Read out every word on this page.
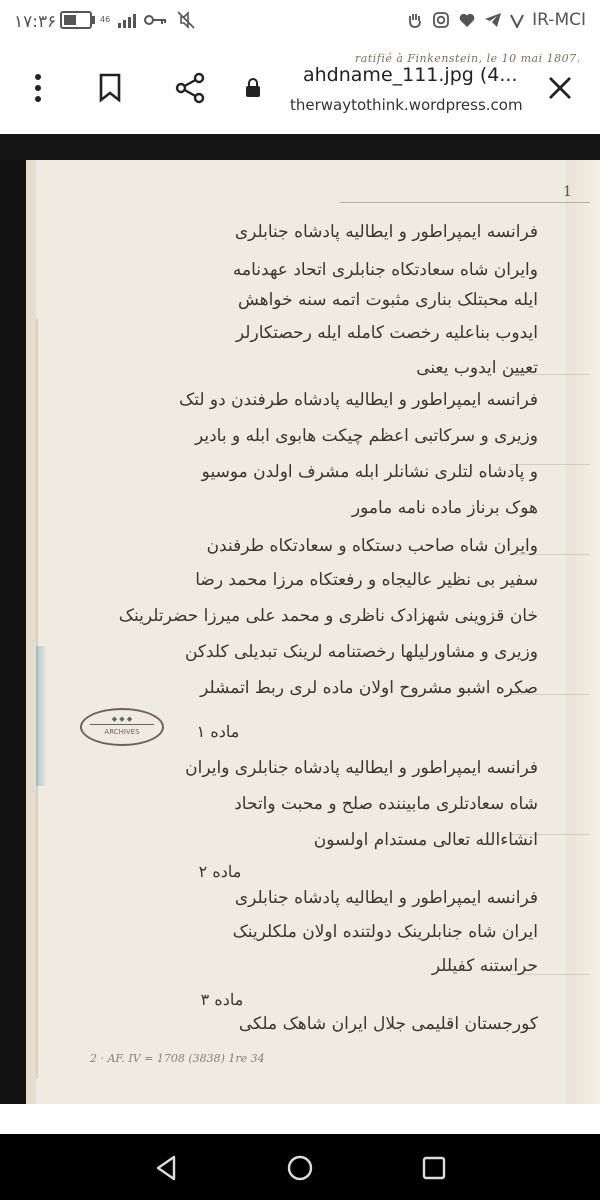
۱۷:۳۶	46	IR-MCI
ahdname_111.jpg (4...
therwaytothink.wordpress.com
ratifié à Finkenstein, le 10 mai 1807.
1
فرانسه ایمپراطور و ایطالیه پادشاه جنابلری
وایران شاه سعادتکاه جنابلری اتحاد عهدنامه
ایله محبتلک بناری مثبوت اتمه سنه خواهش
ایدوب بناعلیه رخصت کامله ایله رحصتکارلر
تعیین ایدوب یعنی
فرانسه ایمپراطور و ایطالیه پادشاه طرفندن دو لتک
وزیری و سرکاتبی اعظم چیکت هابوی ابله و بادیر
و پادشاه لتلری نشانلر ابله مشرف اولدن موسیو
هوک برناز ماده نامه مامور
وایران شاه صاحب دستکاه و سعادتکاه طرفندن
سفیر بی نظیر عالیجاه و رفعتکاه مرزا محمد رضا
خان قزوینی شهزادک ناظری و محمد علی میرزا حضرتلرینک
وزیری و مشاورلیلها رخصتنامه لرینک تبدیلی کلدکن
صکره اشبو مشروح اولان ماده لری ربط اتمشلر
◆ ◆ ◆
ARCHIVES	ماده ۱
فرانسه ایمپراطور و ایطالیه پادشاه جنابلری وایران
شاه سعادتلری مابیننده صلح و محبت واتحاد
انشاءالله تعالی مستدام اولسون
ماده ۲
فرانسه ایمپراطور و ایطالیه پادشاه جنابلری
ایران شاه جنابلرینک دولتنده اولان ملکلرینک
حراستنه کفیللر
ماده ۳
کورجستان اقلیمی جلال ایران شاهک ملکی
2 · AF. IV = 1708 (3838) 1re 34
